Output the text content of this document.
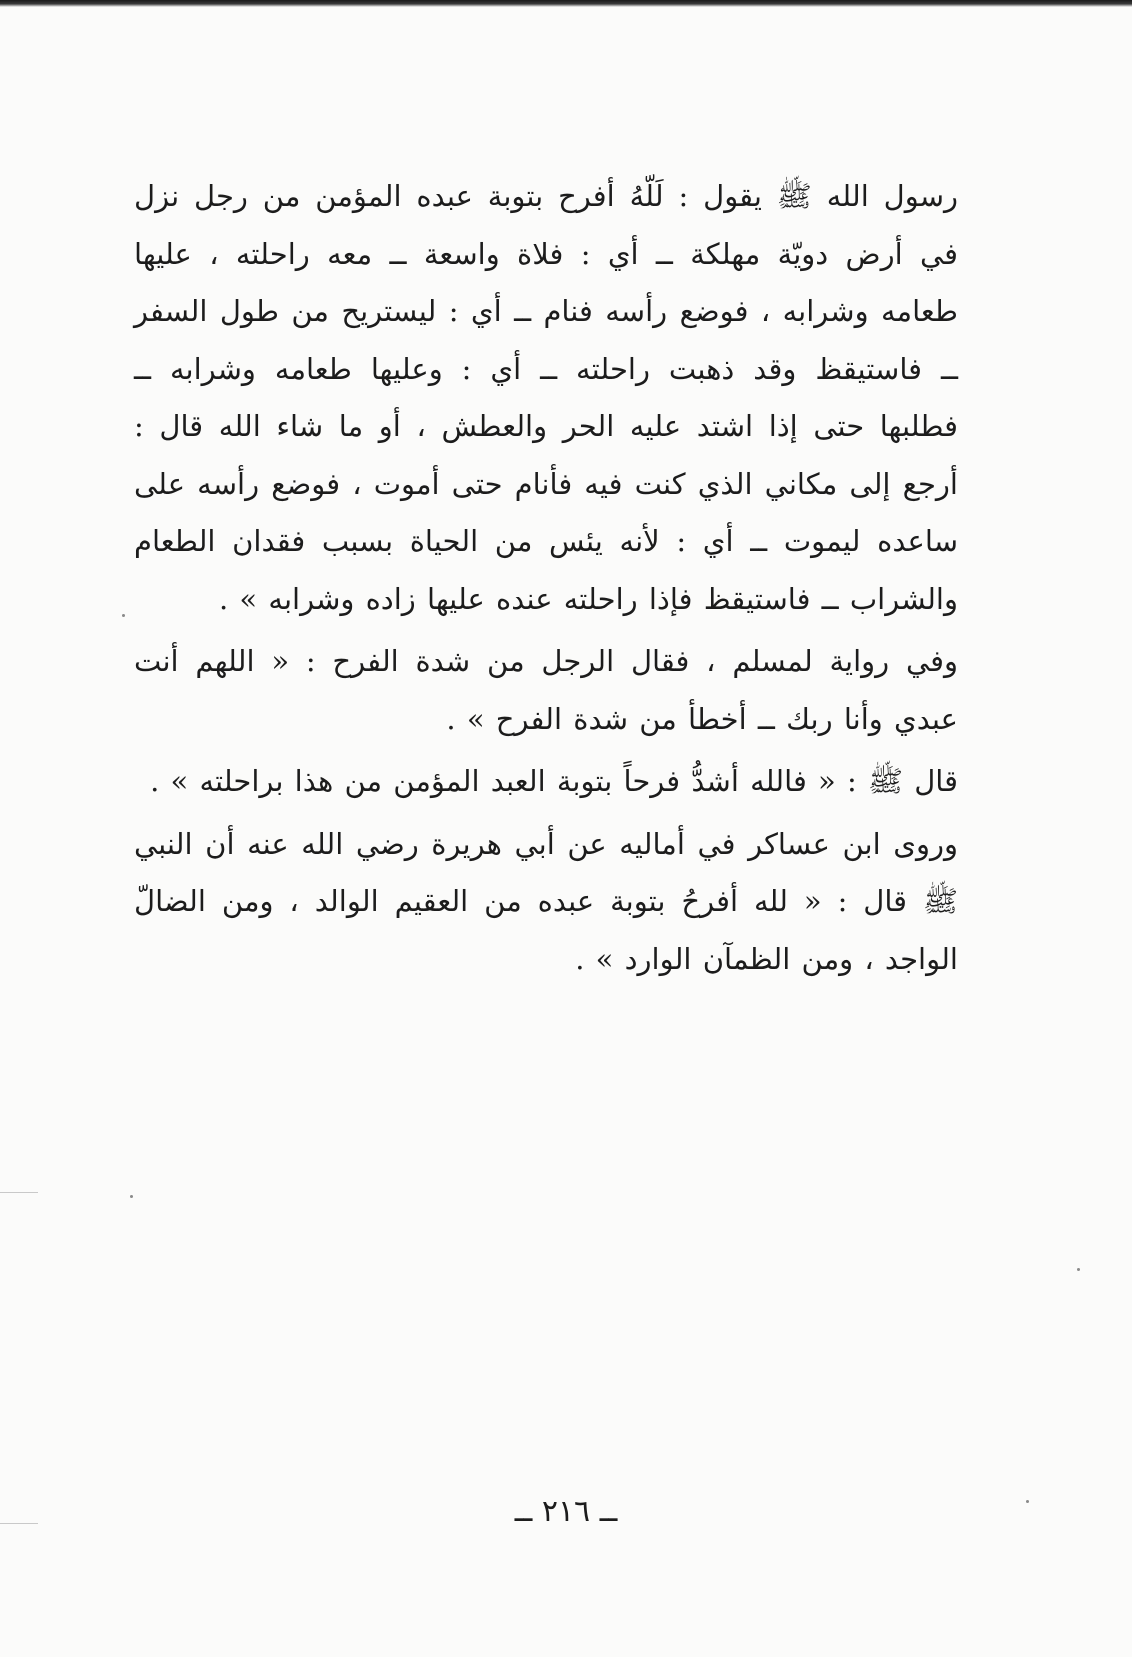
رسول الله ﷺ يقول : لَلّهُ أفرح بتوبة عبده المؤمن من رجل نزل في أرض دويّة مهلكة ــ أي : فلاة واسعة ــ معه راحلته ، عليها طعامه وشرابه ، فوضع رأسه فنام ــ أي : ليستريح من طول السفر ــ فاستيقظ وقد ذهبت راحلته ــ أي : وعليها طعامه وشرابه ــ فطلبها حتى إذا اشتد عليه الحر والعطش ، أو ما شاء الله قال : أرجع إلى مكاني الذي كنت فيه فأنام حتى أموت ، فوضع رأسه على ساعده ليموت ــ أي : لأنه يئس من الحياة بسبب فقدان الطعام والشراب ــ فاستيقظ فإذا راحلته عنده عليها زاده وشرابه » .

وفي رواية لمسلم ، فقال الرجل من شدة الفرح : « اللهم أنت عبدي وأنا ربك ــ أخطأ من شدة الفرح » .

قال ﷺ : « فالله أشدُّ فرحاً بتوبة العبد المؤمن من هذا براحلته » .

وروى ابن عساكر في أماليه عن أبي هريرة رضي الله عنه أن النبي ﷺ قال : « لله أفرحُ بتوبة عبده من العقيم الوالد ، ومن الضالّ الواجد ، ومن الظمآن الوارد » .

ــ ٢١٦ ــ
